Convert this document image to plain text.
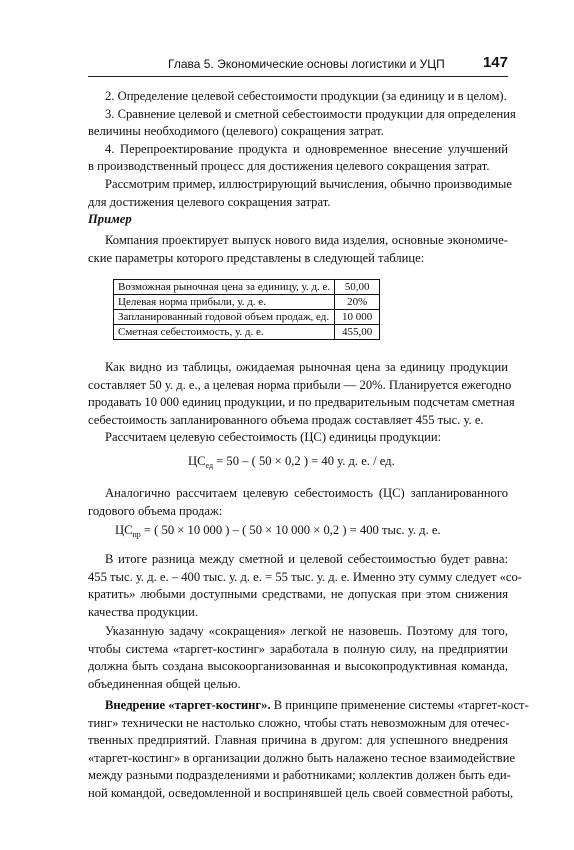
Глава 5. Экономические основы логистики и УЦП	147
2. Определение целевой себестоимости продукции (за единицу и в целом).
3. Сравнение целевой и сметной себестоимости продукции для определения
величины необходимого (целевого) сокращения затрат.
4. Перепроектирование продукта и одновременное внесение улучшений
в производственный процесс для достижения целевого сокращения затрат.
Рассмотрим пример, иллюстрирующий вычисления, обычно производимые
для достижения целевого сокращения затрат.
Пример
Компания проектирует выпуск нового вида изделия, основные экономиче-
ские параметры которого представлены в следующей таблице:
Возможная рыночная цена за единицу, у. д. е.	50,00
Целевая норма прибыли, у. д. е.	20%
Запланированный годовой объем продаж, ед.	10 000
Сметная себестоимость, у. д. е.	455,00
Как видно из таблицы, ожидаемая рыночная цена за единицу продукции
составляет 50 у. д. е., а целевая норма прибыли — 20%. Планируется ежегодно
продавать 10 000 единиц продукции, и по предварительным подсчетам сметная
себестоимость запланированного объема продаж составляет 455 тыс. у. е.
Рассчитаем целевую себестоимость (ЦС) единицы продукции:
$ЦС_{ед} = 50$ – ( 50 × 0,2 ) = 40 у. д. е. / ед.
Аналогично рассчитаем целевую себестоимость (ЦС) запланированного
годового объема продаж:
$ЦС_{пр}$ = ( 50 × 10 000 ) – ( 50 × 10 000 × 0,2 ) = 400 тыс. у. д. е.
В итоге разница между сметной и целевой себестоимостью будет равна:
455 тыс. у. д. е. – 400 тыс. у. д. е. = 55 тыс. у. д. е. Именно эту сумму следует «со-
кратить» любыми доступными средствами, не допуская при этом снижения
качества продукции.
Указанную задачу «сокращения» легкой не назовешь. Поэтому для того,
чтобы система «таргет-костинг» заработала в полную силу, на предприятии
должна быть создана высокоорганизованная и высокопродуктивная команда,
объединенная общей целью.
Внедрение «таргет-костинг». В принципе применение системы «таргет-кост-
тинг» технически не настолько сложно, чтобы стать невозможным для отечес-
твенных предприятий. Главная причина в другом: для успешного внедрения
«таргет-костинг» в организации должно быть налажено тесное взаимодействие
между разными подразделениями и работниками; коллектив должен быть еди-
ной командой, осведомленной и воспринявшей цель своей совместной работы,
